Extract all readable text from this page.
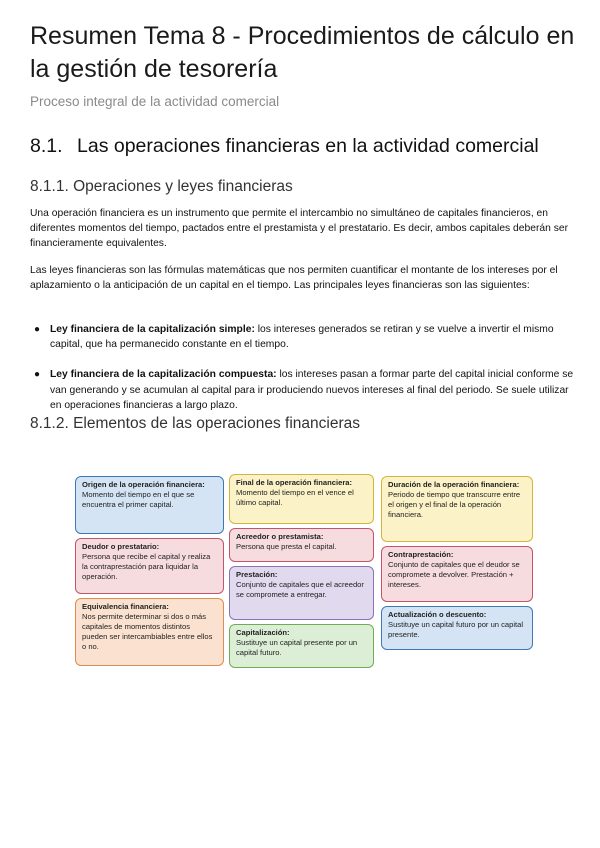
Resumen Tema 8 - Procedimientos de cálculo en la gestión de tesorería

Proceso integral de la actividad comercial

8.1. Las operaciones financieras en la actividad comercial
8.1.1. Operaciones y leyes financieras

Una operación financiera es un instrumento que permite el intercambio no simultáneo de capitales financieros, en diferentes momentos del tiempo, pactados entre el prestamista y el prestatario. Es decir, ambos capitales deberán ser financieramente equivalentes.

Las leyes financieras son las fórmulas matemáticas que nos permiten cuantificar el montante de los intereses por el aplazamiento o la anticipación de un capital en el tiempo. Las principales leyes financieras son las siguientes:

● Ley financiera de la capitalización simple: los intereses generados se retiran y se vuelve a invertir el mismo capital, que ha permanecido constante en el tiempo.
● Ley financiera de la capitalización compuesta: los intereses pasan a formar parte del capital inicial conforme se van generando y se acumulan al capital para ir produciendo nuevos intereses al final del periodo. Se suele utilizar en operaciones financieras a largo plazo.
8.1.2. Elementos de las operaciones financieras
Origen de la operación financiera:
Momento del tiempo en el que se encuentra el primer capital.
Deudor o prestatario:
Persona que recibe el capital y realiza la contraprestación para liquidar la operación.
Equivalencia financiera:
Nos permite determinar si dos o más capitales de momentos distintos pueden ser intercambiables entre ellos o no.
Final de la operación financiera:
Momento del tiempo en el vence el último capital.
Acreedor o prestamista:
Persona que presta el capital.
Prestación:
Conjunto de capitales que el acreedor se compromete a entregar.
Capitalización:
Sustituye un capital presente por un capital futuro.
Duración de la operación financiera:
Periodo de tiempo que transcurre entre el origen y el final de la operación financiera.
Contraprestación:
Conjunto de capitales que el deudor se compromete a devolver. Prestación + intereses.
Actualización o descuento:
Sustituye un capital futuro por un capital presente.
